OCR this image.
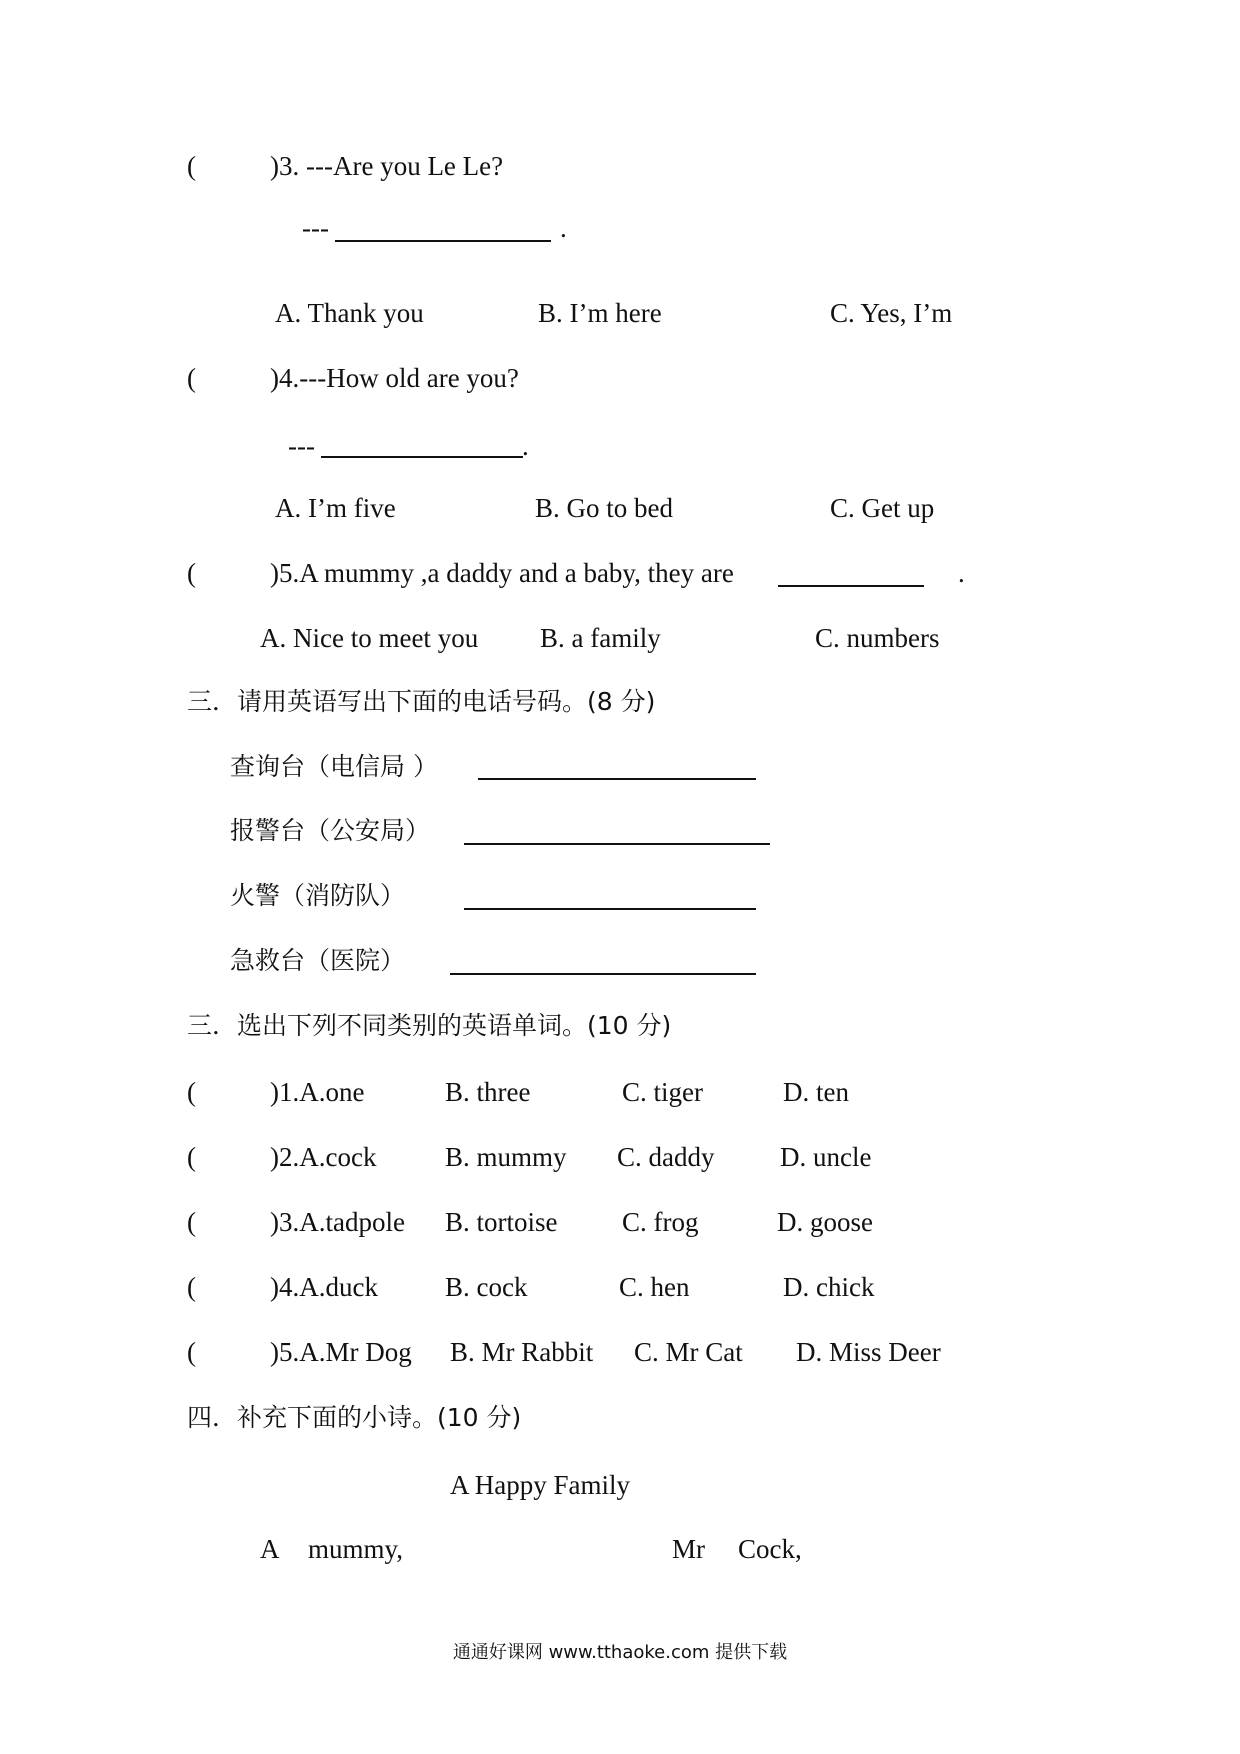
(	)3. ---Are you Le Le?
---	.
A. Thank you	B. I’m here	C. Yes, I’m
(	)4.---How old are you?
---	.
A. I’m five	B. Go to bed	C. Get up
(	)5.A mummy ,a daddy and a baby, they are	.
A. Nice to meet you B. a family	C. numbers
三．请用英语写出下面的电话号码。(8 分)
查询台（电信局 ）
报警台（公安局）
火警（消防队）
急救台（医院）
三．选出下列不同类别的英语单词。(10 分)
(	)1.A.one	B. three	C. tiger	D. ten
(	)2.A.cock	B. mummy C. daddy D. uncle
(	)3.A.tadpole B. tortoise C. frog	D. goose
(	)4.A.duck B. cock	C. hen	D. chick
(	)5.A.Mr Dog B. Mr Rabbit C. Mr Cat D. Miss Deer
四．补充下面的小诗。(10 分)
A Happy Family
A mummy,	Mr Cock,
通通好课网 www.tthaoke.com 提供下载
